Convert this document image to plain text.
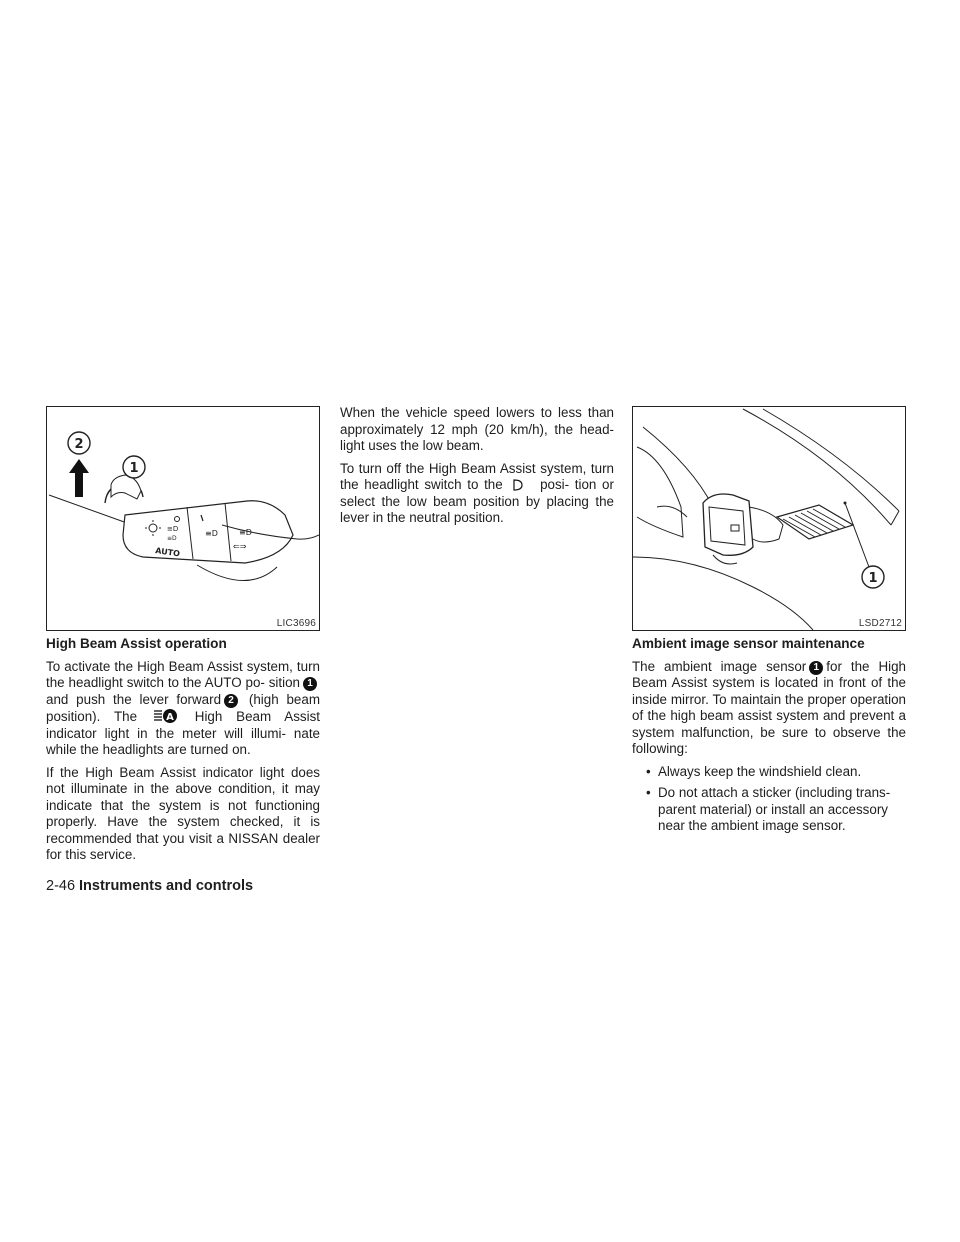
≡D
≡D
≡D	≡D
⇐⇒
AUTO
2
1
LIC3696
1
LSD2712
High Beam Assist operation

To activate the High Beam Assist system, turn the headlight switch to the AUTO po- sition 1and push the lever forward 2 (high beam position). The	A High Beam Assist indicator light in the meter will illumi- nate while the headlights are turned on.

If the High Beam Assist indicator light does not illuminate in the above condition, it may indicate that the system is not functioning properly. Have the system checked, it is recommended that you visit a NISSAN dealer for this service.

When the vehicle speed lowers to less than approximately 12 mph (20 km/h), the head- light uses the low beam.

To turn off the High Beam Assist system, turn the headlight switch to the	posi- tion or select the low beam position by placing the lever in the neutral position.

Ambient image sensor maintenance

The ambient image sensor 1 for the High Beam Assist system is located in front of the inside mirror. To maintain the proper operation of the high beam assist system and prevent a system malfunction, be sure to observe the following:

• Always keep the windshield clean.
• Do not attach a sticker (including trans- parent material) or install an accessory near the ambient image sensor.
2-46 Instruments and controls
